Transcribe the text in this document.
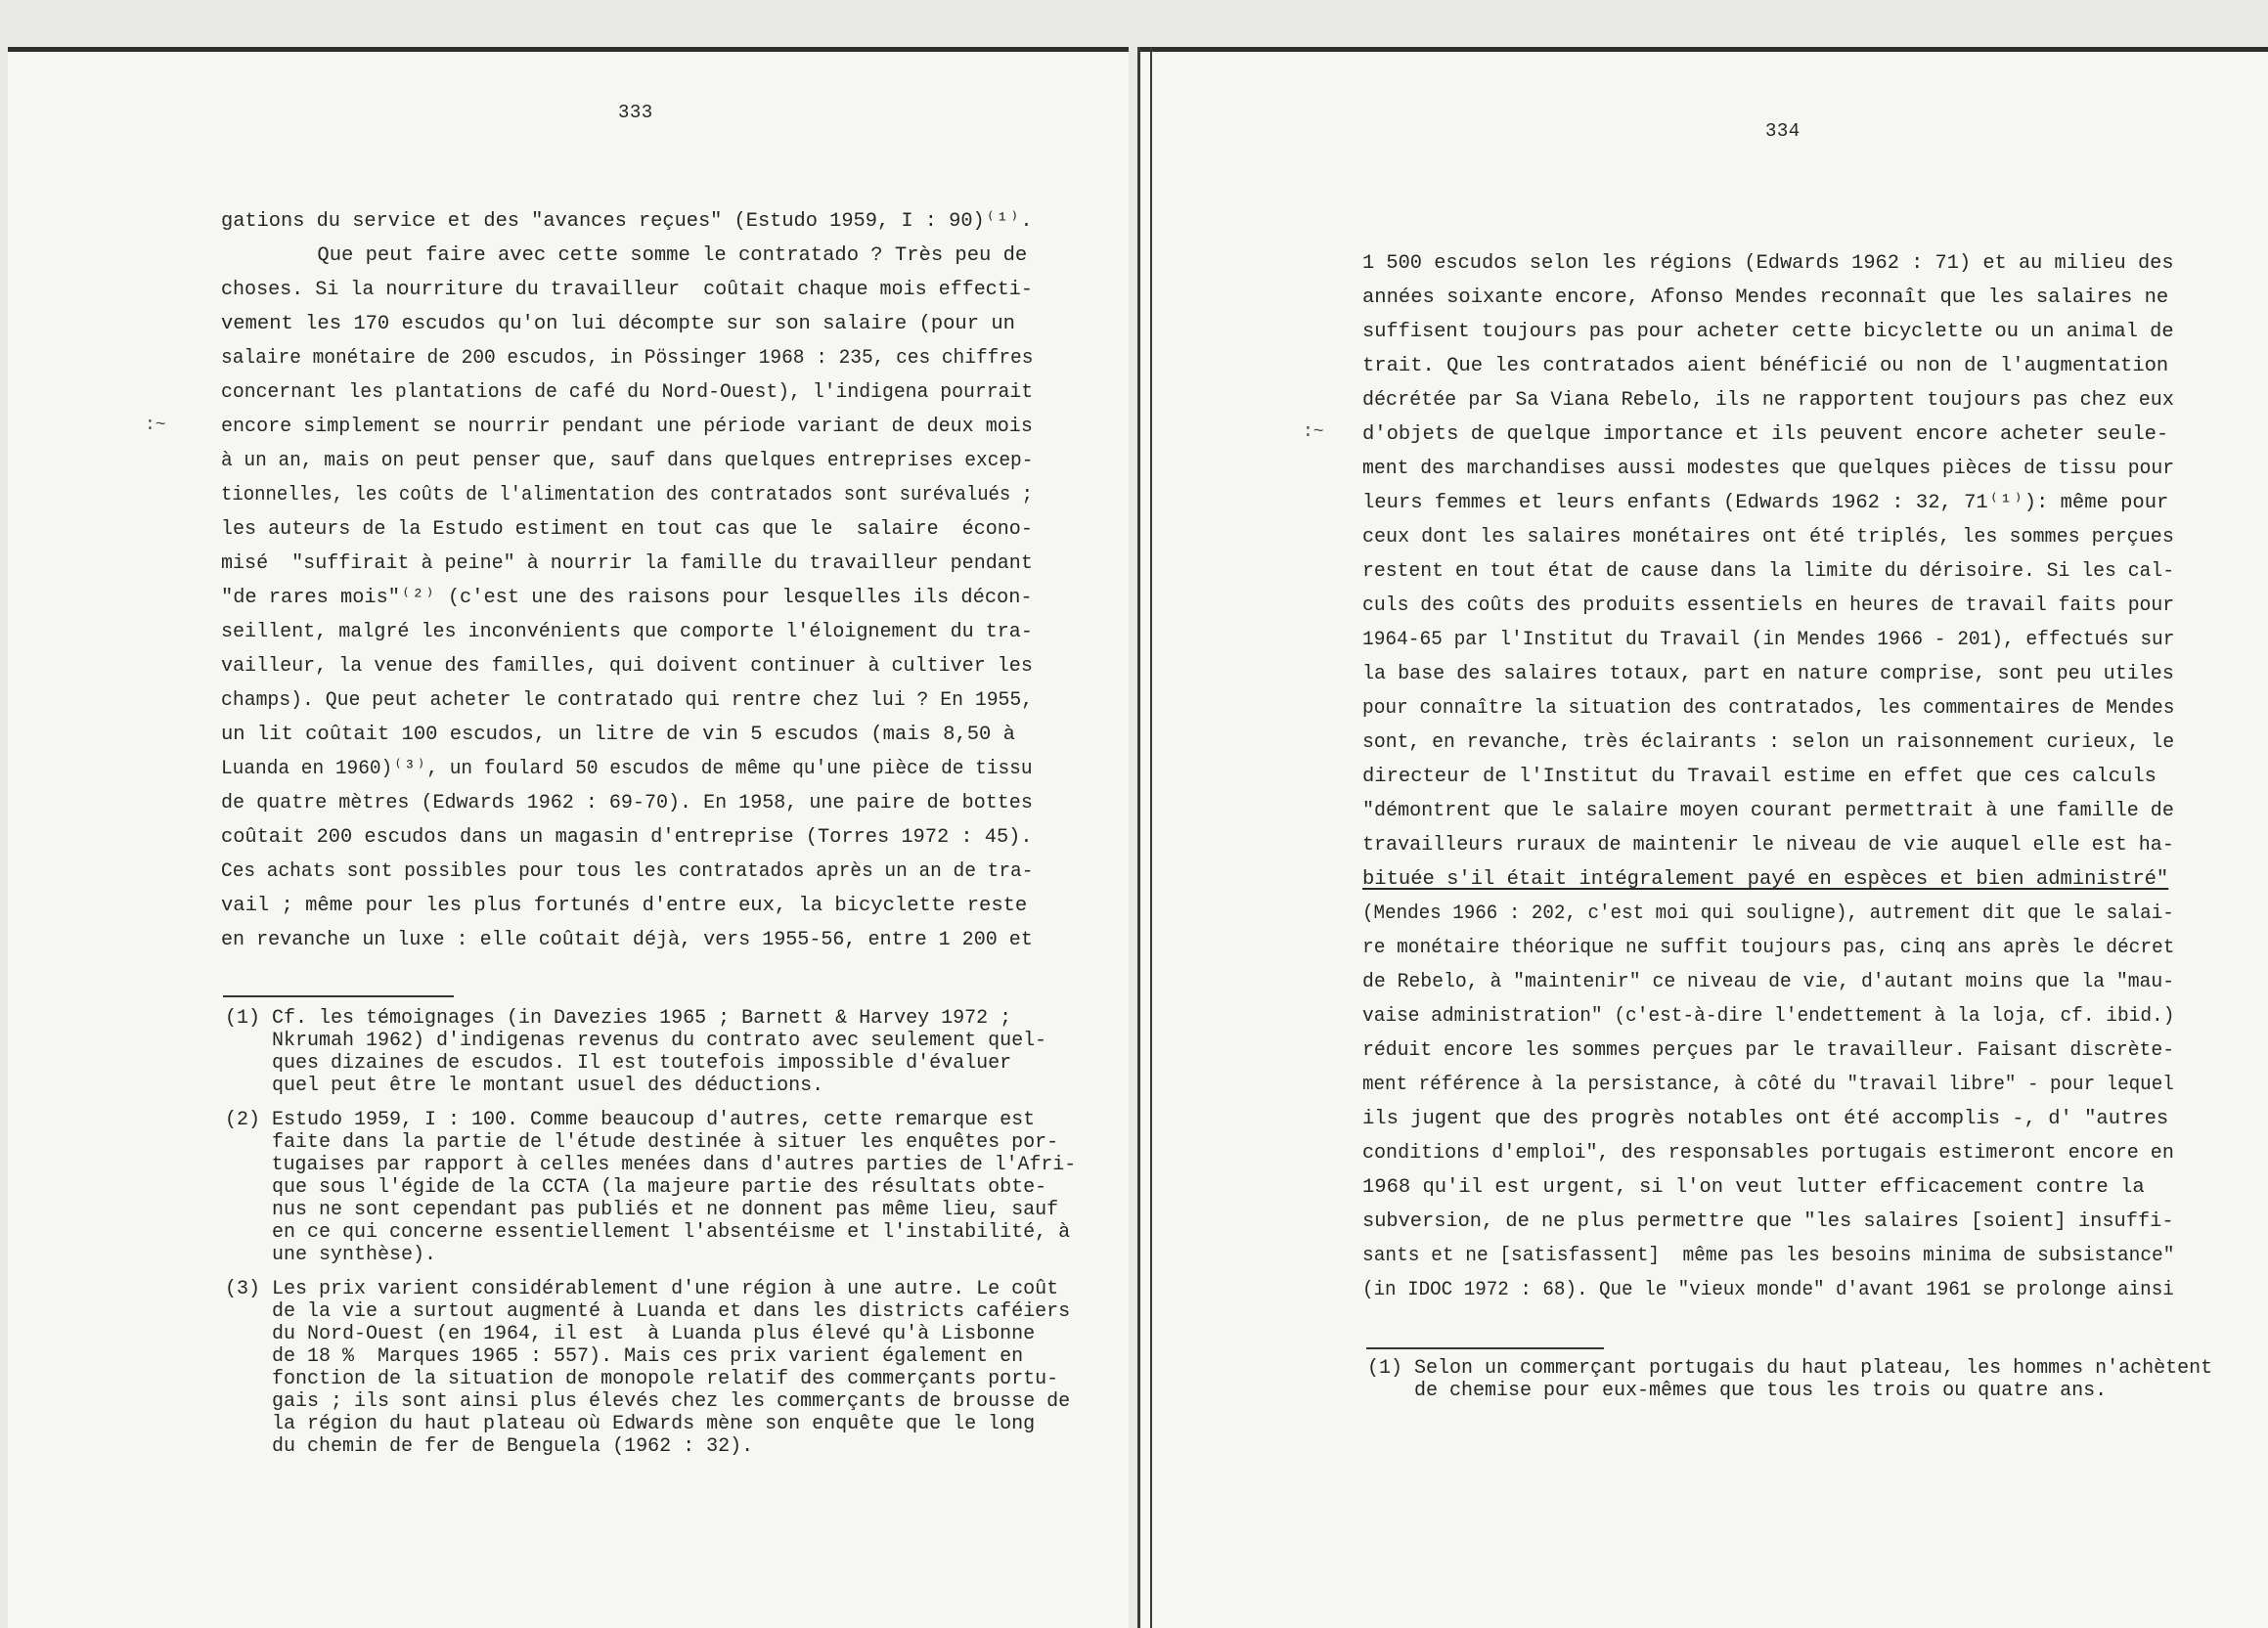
:~	:~
333
gations du service et des "avances reçues" (Estudo 1959, I : 90)⁽¹⁾.
Que peut faire avec cette somme le contratado ? Très peu de
choses. Si la nourriture du travailleur  coûtait chaque mois effecti-
vement les 170 escudos qu'on lui décompte sur son salaire (pour un
salaire monétaire de 200 escudos, in Pössinger 1968 : 235, ces chiffres
concernant les plantations de café du Nord-Ouest), l'indigena pourrait
encore simplement se nourrir pendant une période variant de deux mois
à un an, mais on peut penser que, sauf dans quelques entreprises excep-
tionnelles, les coûts de l'alimentation des contratados sont surévalués ;
les auteurs de la Estudo estiment en tout cas que le  salaire  écono-
misé  "suffirait à peine" à nourrir la famille du travailleur pendant
"de rares mois"⁽²⁾ (c'est une des raisons pour lesquelles ils décon-
seillent, malgré les inconvénients que comporte l'éloignement du tra-
vailleur, la venue des familles, qui doivent continuer à cultiver les
champs). Que peut acheter le contratado qui rentre chez lui ? En 1955,
un lit coûtait 100 escudos, un litre de vin 5 escudos (mais 8,50 à
Luanda en 1960)⁽³⁾, un foulard 50 escudos de même qu'une pièce de tissu
de quatre mètres (Edwards 1962 : 69-70). En 1958, une paire de bottes
coûtait 200 escudos dans un magasin d'entreprise (Torres 1972 : 45).
Ces achats sont possibles pour tous les contratados après un an de tra-
vail ; même pour les plus fortunés d'entre eux, la bicyclette reste
en revanche un luxe : elle coûtait déjà, vers 1955-56, entre 1 200 et
(1) Cf. les témoignages (in Davezies 1965 ; Barnett & Harvey 1972 ;
Nkrumah 1962) d'indigenas revenus du contrato avec seulement quel-
ques dizaines de escudos. Il est toutefois impossible d'évaluer
quel peut être le montant usuel des déductions.
(2) Estudo 1959, I : 100. Comme beaucoup d'autres, cette remarque est
faite dans la partie de l'étude destinée à situer les enquêtes por-
tugaises par rapport à celles menées dans d'autres parties de l'Afri-
que sous l'égide de la CCTA (la majeure partie des résultats obte-
nus ne sont cependant pas publiés et ne donnent pas même lieu, sauf
en ce qui concerne essentiellement l'absentéisme et l'instabilité, à
une synthèse).
(3) Les prix varient considérablement d'une région à une autre. Le coût
de la vie a surtout augmenté à Luanda et dans les districts caféiers
du Nord-Ouest (en 1964, il est  à Luanda plus élevé qu'à Lisbonne
de 18 %  Marques 1965 : 557). Mais ces prix varient également en
fonction de la situation de monopole relatif des commerçants portu-
gais ; ils sont ainsi plus élevés chez les commerçants de brousse de
la région du haut plateau où Edwards mène son enquête que le long
du chemin de fer de Benguela (1962 : 32).
334
1 500 escudos selon les régions (Edwards 1962 : 71) et au milieu des
années soixante encore, Afonso Mendes reconnaît que les salaires ne
suffisent toujours pas pour acheter cette bicyclette ou un animal de
trait. Que les contratados aient bénéficié ou non de l'augmentation
décrétée par Sa Viana Rebelo, ils ne rapportent toujours pas chez eux
d'objets de quelque importance et ils peuvent encore acheter seule-
ment des marchandises aussi modestes que quelques pièces de tissu pour
leurs femmes et leurs enfants (Edwards 1962 : 32, 71⁽¹⁾): même pour
ceux dont les salaires monétaires ont été triplés, les sommes perçues
restent en tout état de cause dans la limite du dérisoire. Si les cal-
culs des coûts des produits essentiels en heures de travail faits pour
1964-65 par l'Institut du Travail (in Mendes 1966 - 201), effectués sur
la base des salaires totaux, part en nature comprise, sont peu utiles
pour connaître la situation des contratados, les commentaires de Mendes
sont, en revanche, très éclairants : selon un raisonnement curieux, le
directeur de l'Institut du Travail estime en effet que ces calculs
"démontrent que le salaire moyen courant permettrait à une famille de
travailleurs ruraux de maintenir le niveau de vie auquel elle est ha-
bituée s'il était intégralement payé en espèces et bien administré"
(Mendes 1966 : 202, c'est moi qui souligne), autrement dit que le salai-
re monétaire théorique ne suffit toujours pas, cinq ans après le décret
de Rebelo, à "maintenir" ce niveau de vie, d'autant moins que la "mau-
vaise administration" (c'est-à-dire l'endettement à la loja, cf. ibid.)
réduit encore les sommes perçues par le travailleur. Faisant discrète-
ment référence à la persistance, à côté du "travail libre" - pour lequel
ils jugent que des progrès notables ont été accomplis -, d' "autres
conditions d'emploi", des responsables portugais estimeront encore en
1968 qu'il est urgent, si l'on veut lutter efficacement contre la
subversion, de ne plus permettre que "les salaires [soient] insuffi-
sants et ne [satisfassent]  même pas les besoins minima de subsistance"
(in IDOC 1972 : 68). Que le "vieux monde" d'avant 1961 se prolonge ainsi
(1) Selon un commerçant portugais du haut plateau, les hommes n'achètent
de chemise pour eux-mêmes que tous les trois ou quatre ans.
